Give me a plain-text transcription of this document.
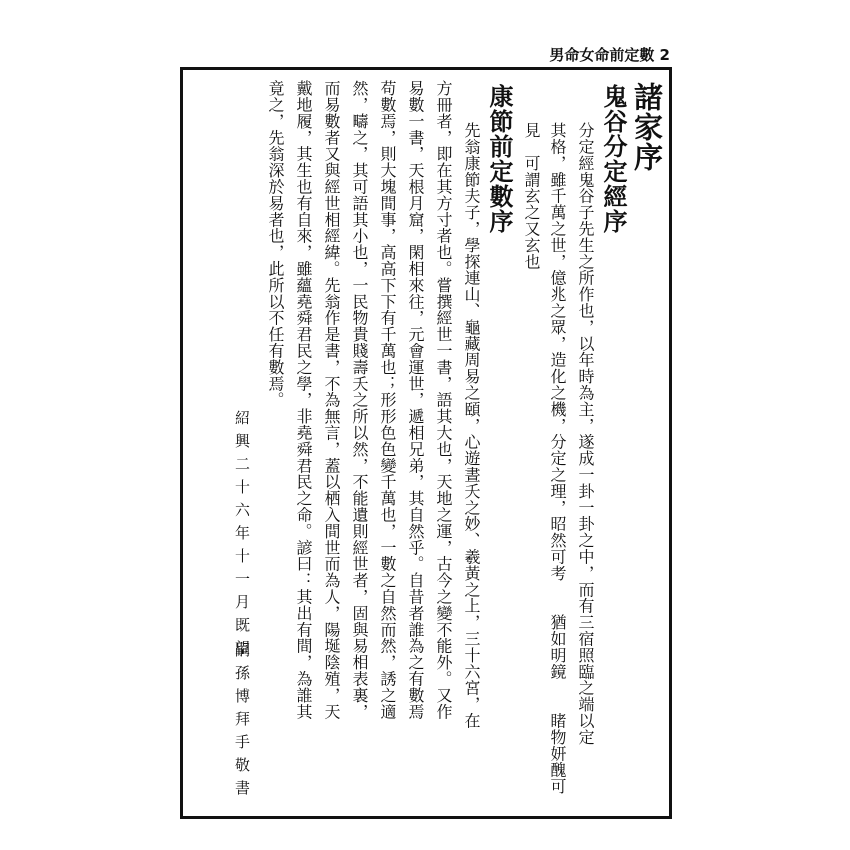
男命女命前定數 2
諸家序
鬼谷分定經序
分定經鬼谷子先生之所作也，以年時為主，遂成一卦一卦之中，而有三宿照臨之端以定
其格，雖千萬之世，億兆之眾，造化之機，分定之理，昭然可考　　猶如明鏡　　睹物妍醜可
見　可謂玄之又玄也
康節前定數序
先翁康節夫子，學探連山、龜藏周易之頤，心遊晝夭之妙、羲黃之上，三十六宮，在
方冊者，即在其方寸者也。嘗撰經世一書，語其大也，天地之運，古今之變不能外。又作
易數一書，天根月窟，閑相來往，元會運世，遞相兄弟，其自然乎。自昔者誰為之有數焉
苟數焉，則大塊間事，高高下下有千萬也；形形色色變千萬也，一數之自然而然，誘之適
然，疇之，其可語其小也，一民物貴賤壽夭之所以然，不能遺則經世者，固與易相表裏，
而易數者又與經世相經緯。先翁作是書，不為無言，蓋以栖入間世而為人，陽埏陰殖，天
戴地履，其生也有自來，雖蘊堯舜君民之學，非堯舜君民之命。諺曰：其出有間，為誰其
竟之，先翁深於易者也，此所以不任有數焉。
紹興二十六年十一月既望
嗣孫博拜手敬書
